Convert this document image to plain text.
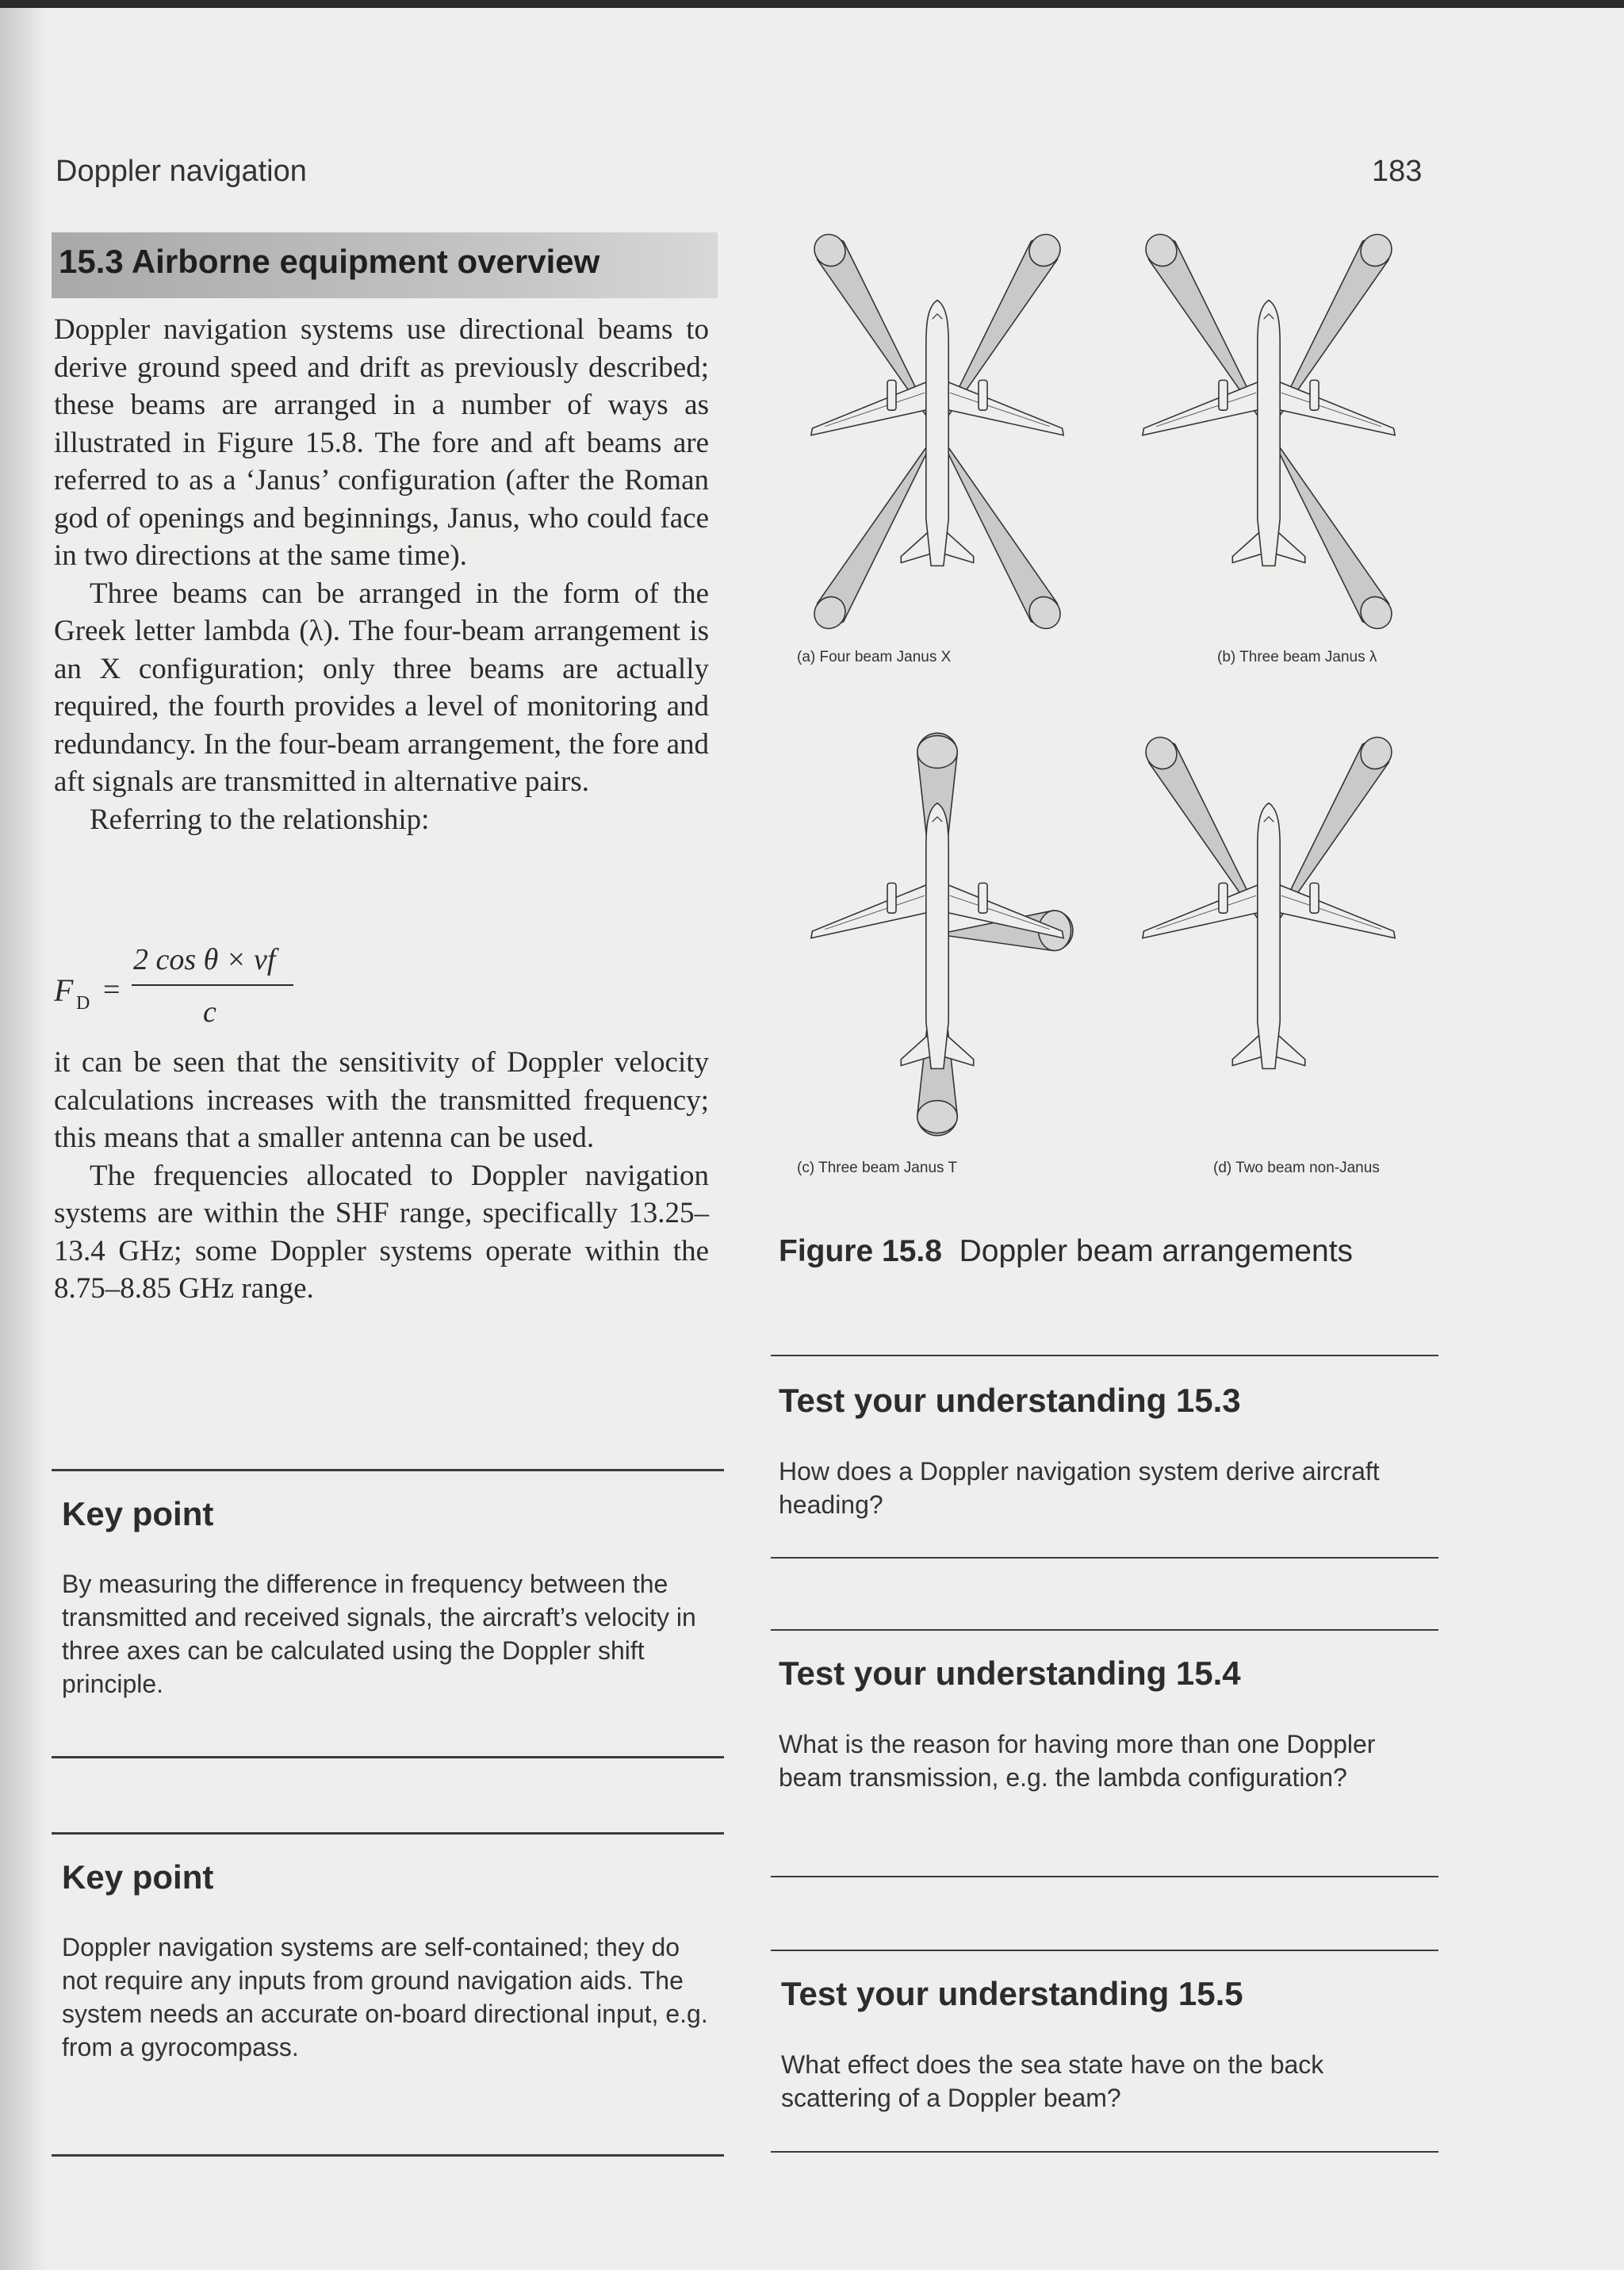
Doppler navigation	183
15.3 Airborne equipment overview

Doppler navigation systems use directional beams to derive ground speed and drift as previously described; these beams are arranged in a number of ways as illustrated in Figure 15.8. The fore and aft beams are referred to as a ‘Janus’ configuration (after the Roman god of openings and beginnings, Janus, who could face in two directions at the same time).

Three beams can be arranged in the form of the Greek letter lambda (λ). The four-beam arrangement is an X configuration; only three beams are actually required, the fourth provides a level of monitoring and redundancy. In the four-beam arrangement, the fore and aft signals are transmitted in alternative pairs.

Referring to the relationship:

F D =
2 cos θ × vf
c

it can be seen that the sensitivity of Doppler velocity calculations increases with the transmitted frequency; this means that a smaller antenna can be used.

The frequencies allocated to Doppler navigation systems are within the SHF range, specifically 13.25–13.4 GHz; some Doppler systems operate within the 8.75–8.85 GHz range.

Key point
By measuring the difference in frequency between the transmitted and received signals, the aircraft’s velocity in three axes can be calculated using the Doppler shift principle.
Key point
Doppler navigation systems are self-contained; they do not require any inputs from ground navigation aids. The system needs an accurate on-board directional input, e.g. from a gyrocompass.
(a) Four beam Janus X	(b) Three beam Janus λ
(c) Three beam Janus T	(d) Two beam non-Janus
Figure 15.8 Doppler beam arrangements
Test your understanding 15.3
How does a Doppler navigation system derive aircraft heading?
Test your understanding 15.4
What is the reason for having more than one Doppler beam transmission, e.g. the lambda configuration?
Test your understanding 15.5
What effect does the sea state have on the back scattering of a Doppler beam?
